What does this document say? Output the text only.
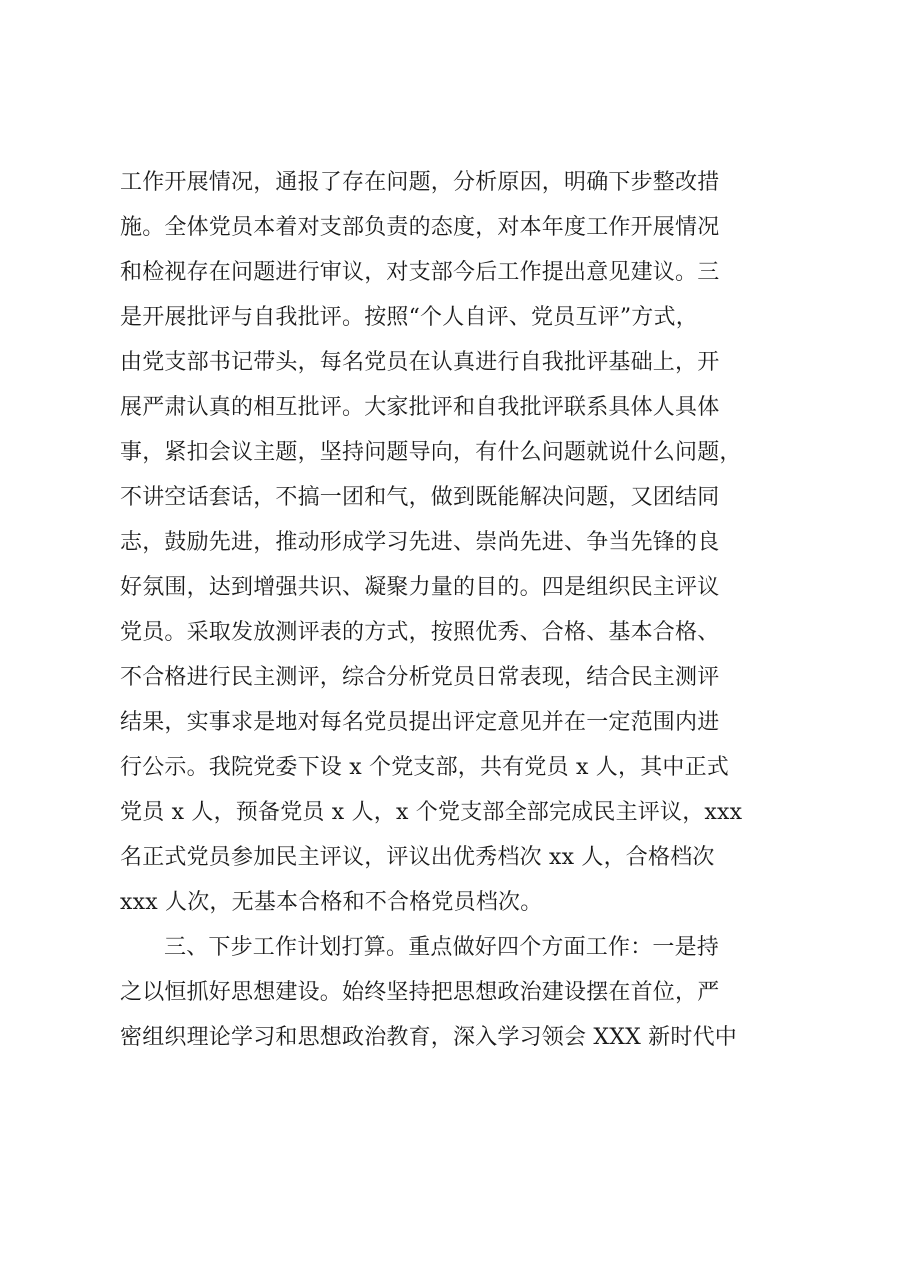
工作开展情况，通报了存在问题，分析原因，明确下步整改措
施。全体党员本着对支部负责的态度，对本年度工作开展情况
和检视存在问题进行审议，对支部今后工作提出意见建议。三
是开展批评与自我批评。按照“个人自评、党员互评”方式，
由党支部书记带头，每名党员在认真进行自我批评基础上，开
展严肃认真的相互批评。大家批评和自我批评联系具体人具体
事，紧扣会议主题，坚持问题导向，有什么问题就说什么问题，
不讲空话套话，不搞一团和气，做到既能解决问题，又团结同
志，鼓励先进，推动形成学习先进、崇尚先进、争当先锋的良
好氛围，达到增强共识、凝聚力量的目的。四是组织民主评议
党员。采取发放测评表的方式，按照优秀、合格、基本合格、
不合格进行民主测评，综合分析党员日常表现，结合民主测评
结果，实事求是地对每名党员提出评定意见并在一定范围内进
行公示。我院党委下设 x 个党支部，共有党员 x 人，其中正式
党员 x 人，预备党员 x 人，x 个党支部全部完成民主评议，xxx
名正式党员参加民主评议，评议出优秀档次 xx 人，合格档次
xxx 人次，无基本合格和不合格党员档次。
三、下步工作计划打算。重点做好四个方面工作：一是持
之以恒抓好思想建设。始终坚持把思想政治建设摆在首位，严
密组织理论学习和思想政治教育，深入学习领会 XXX 新时代中
